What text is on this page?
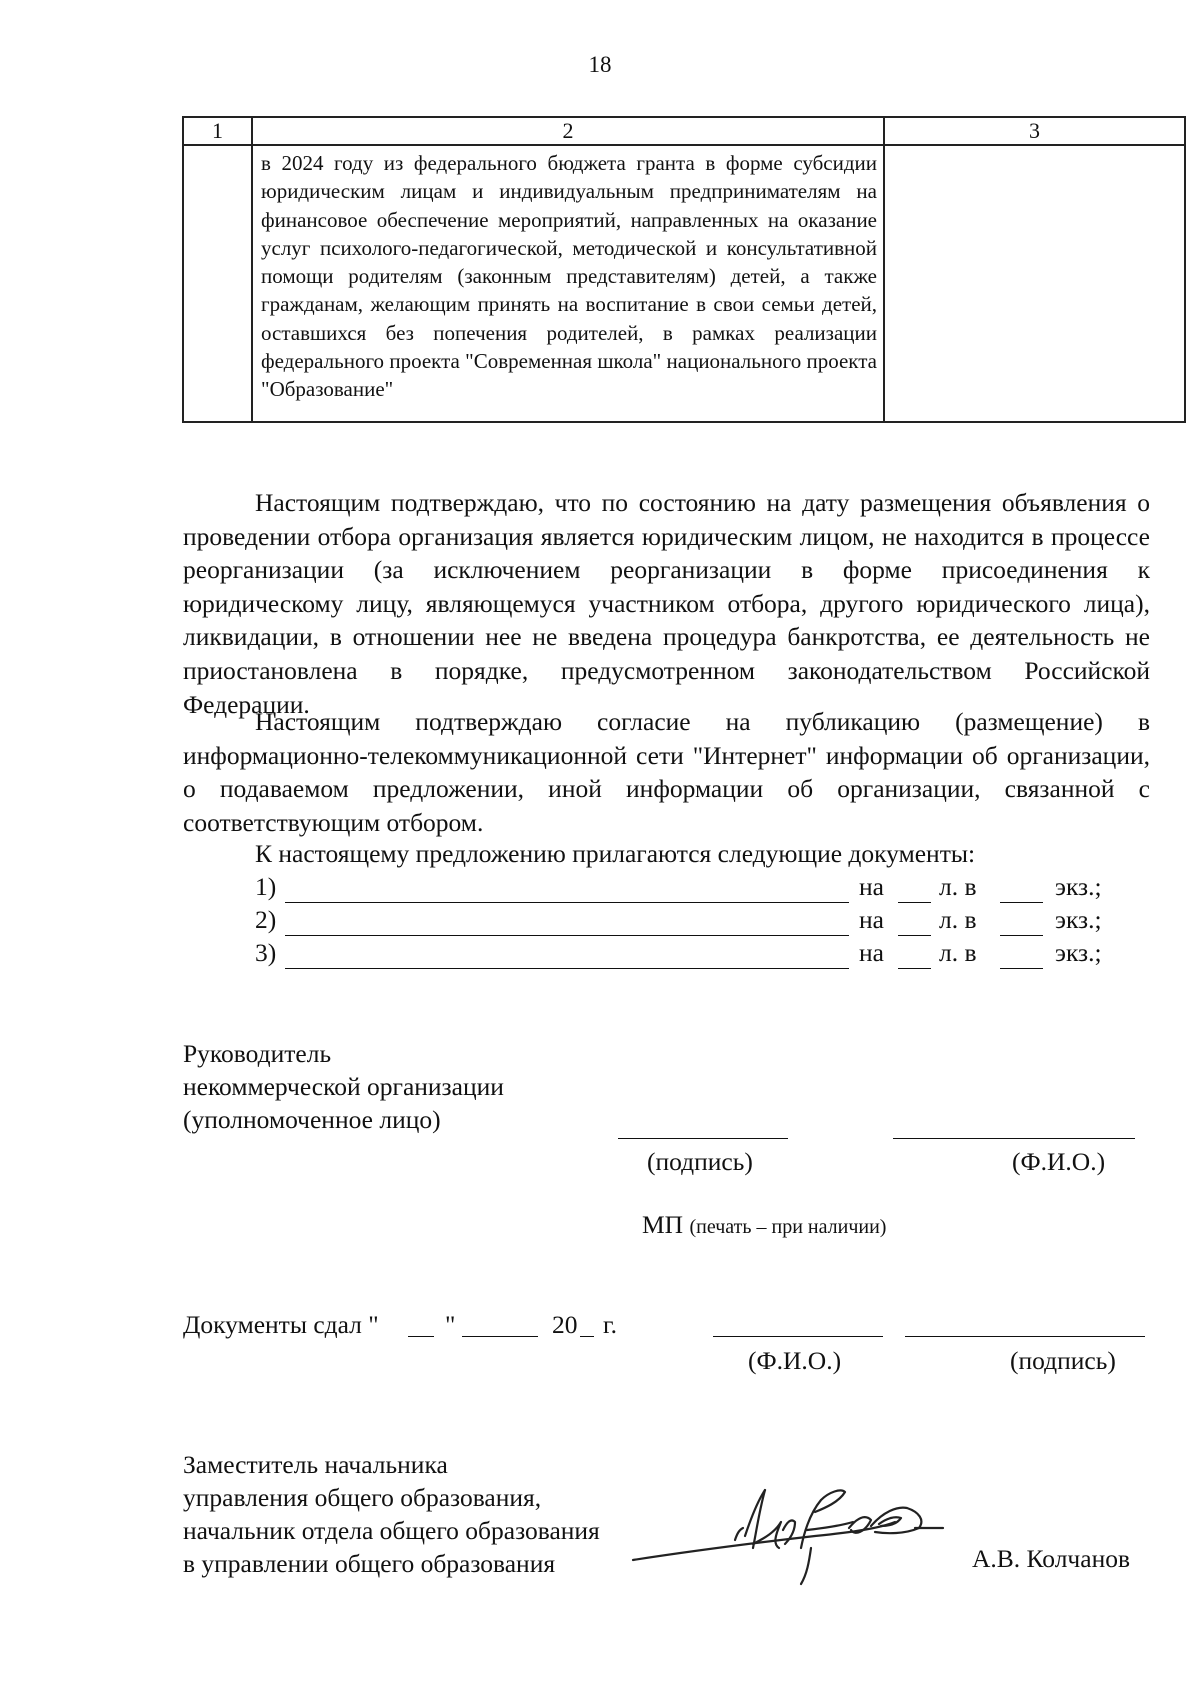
18
1	2	3
	в 2024 году из федерального бюджета гранта в форме субсидии юридическим лицам и индивидуальным предпринимателям на финансовое обеспечение мероприятий, направленных на оказание услуг психолого-педагогической, методической и консультативной помощи родителям (законным представителям) детей, а также гражданам, желающим принять на воспитание в свои семьи детей, оставшихся без попечения родителей, в рамках реализации федерального проекта "Современная школа" национального проекта "Образование"	

Настоящим подтверждаю, что по состоянию на дату размещения объявления о проведении отбора организация является юридическим лицом, не находится в процессе реорганизации (за исключением реорганизации в форме присоединения к юридическому лицу, являющемуся участником отбора, другого юридического лица), ликвидации, в отношении нее не введена процедура банкротства, ее деятельность не приостановлена в порядке, предусмотренном законодательством Российской Федерации.

Настоящим подтверждаю согласие на публикацию (размещение) в информационно-телекоммуникационной сети "Интернет" информации об организации, о подаваемом предложении, иной информации об организации, связанной с соответствующим отбором.

К настоящему предложению прилагаются следующие документы:
1)	на л. в	экз.;
2)	на л. в	экз.;
3)	на л. в	экз.;
Руководитель
некоммерческой организации
(уполномоченное лицо)
(подпись)	(Ф.И.О.)
МП (печать – при наличии)
Документы сдал "	"	20 г.
(Ф.И.О.)	(подпись)
Заместитель начальника
управления общего образования,
начальник отдела общего образования
в управлении общего образования	А.В. Колчанов
